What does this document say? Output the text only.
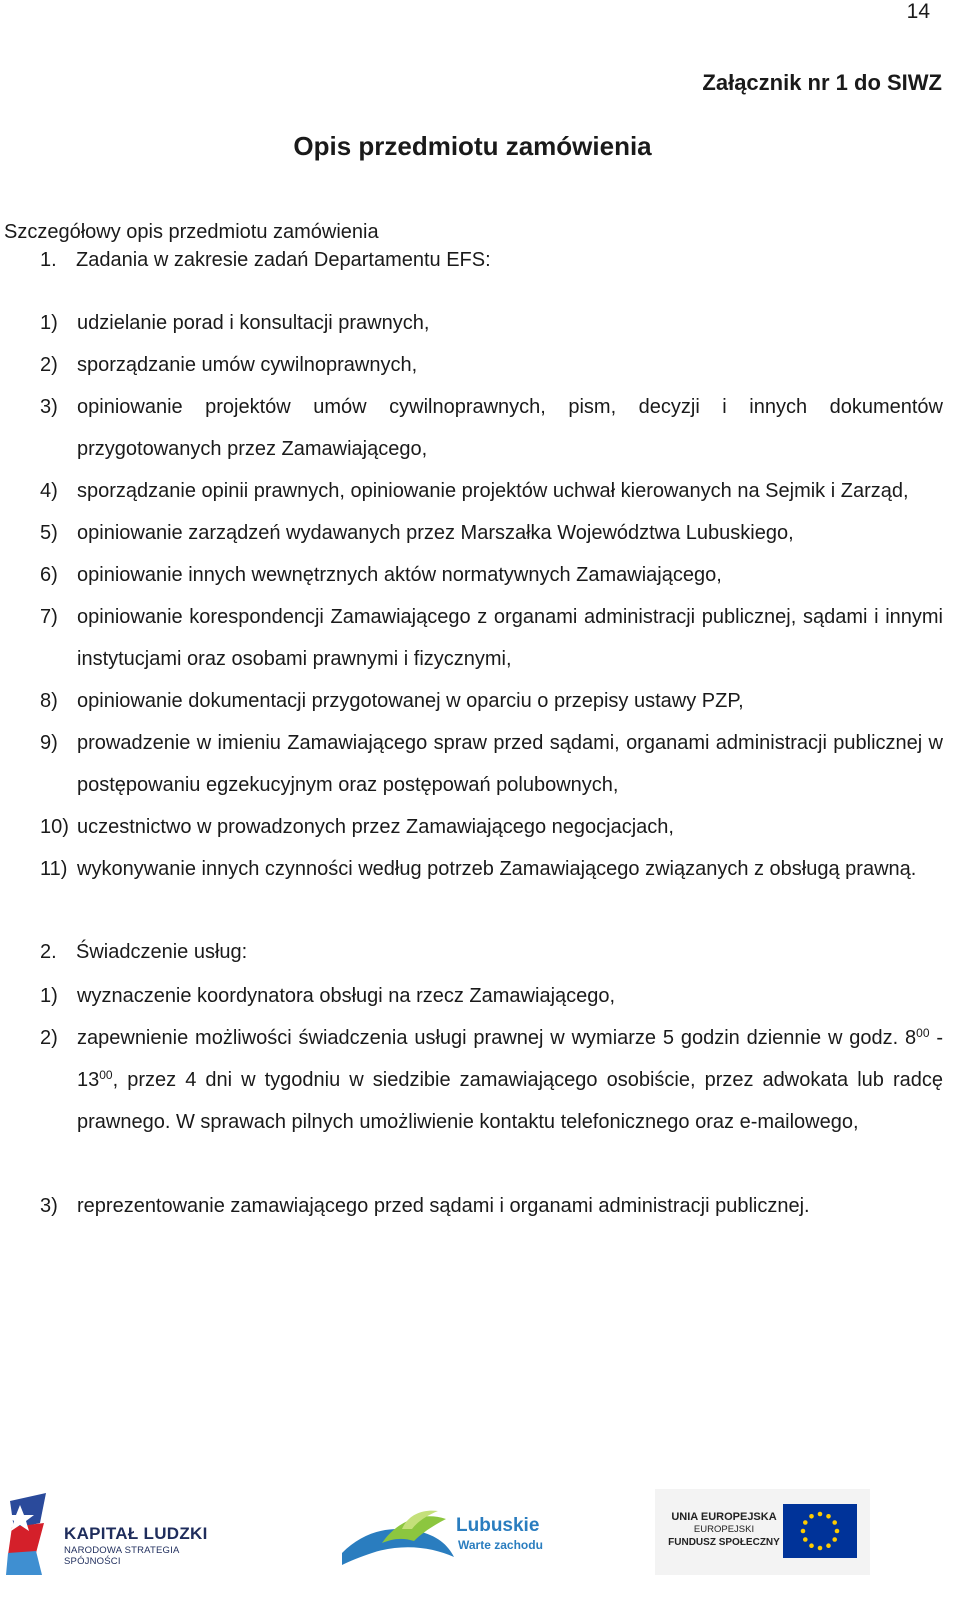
14
Załącznik nr 1 do SIWZ
Opis przedmiotu zamówienia
Szczegółowy opis przedmiotu zamówienia
1. Zadania w zakresie zadań Departamentu EFS:
1) udzielanie porad i konsultacji prawnych,
2) sporządzanie umów cywilnoprawnych,
3) opiniowanie projektów umów cywilnoprawnych, pism, decyzji i innych dokumentów przygotowanych przez Zamawiającego,
4) sporządzanie opinii prawnych, opiniowanie projektów uchwał kierowanych na Sejmik i Zarząd,
5) opiniowanie zarządzeń wydawanych przez Marszałka Województwa Lubuskiego,
6) opiniowanie innych wewnętrznych aktów normatywnych Zamawiającego,
7) opiniowanie korespondencji Zamawiającego z organami administracji publicznej, sądami i innymi instytucjami oraz osobami prawnymi i fizycznymi,
8) opiniowanie dokumentacji przygotowanej w oparciu o przepisy ustawy PZP,
9) prowadzenie w imieniu Zamawiającego spraw przed sądami, organami administracji publicznej w postępowaniu egzekucyjnym oraz postępowań polubownych,
10) uczestnictwo w prowadzonych przez Zamawiającego negocjacjach,
11) wykonywanie innych czynności według potrzeb Zamawiającego związanych z obsługą prawną.
2. Świadczenie usług:
1) wyznaczenie koordynatora obsługi na rzecz Zamawiającego,
2) zapewnienie możliwości świadczenia usługi prawnej w wymiarze 5 godzin dziennie w godz. $8^{00} - 13^{00}$, przez 4 dni w tygodniu w siedzibie zamawiającego osobiście, przez adwokata lub radcę prawnego. W sprawach pilnych umożliwienie kontaktu telefonicznego oraz e-mailowego,
3) reprezentowanie zamawiającego przed sądami i organami administracji publicznej.
KAPITAŁ LUDZKI
NARODOWA STRATEGIA SPÓJNOŚCI
Lubuskie
Warte zachodu
UNIA EUROPEJSKA
EUROPEJSKI
FUNDUSZ SPOŁECZNY
